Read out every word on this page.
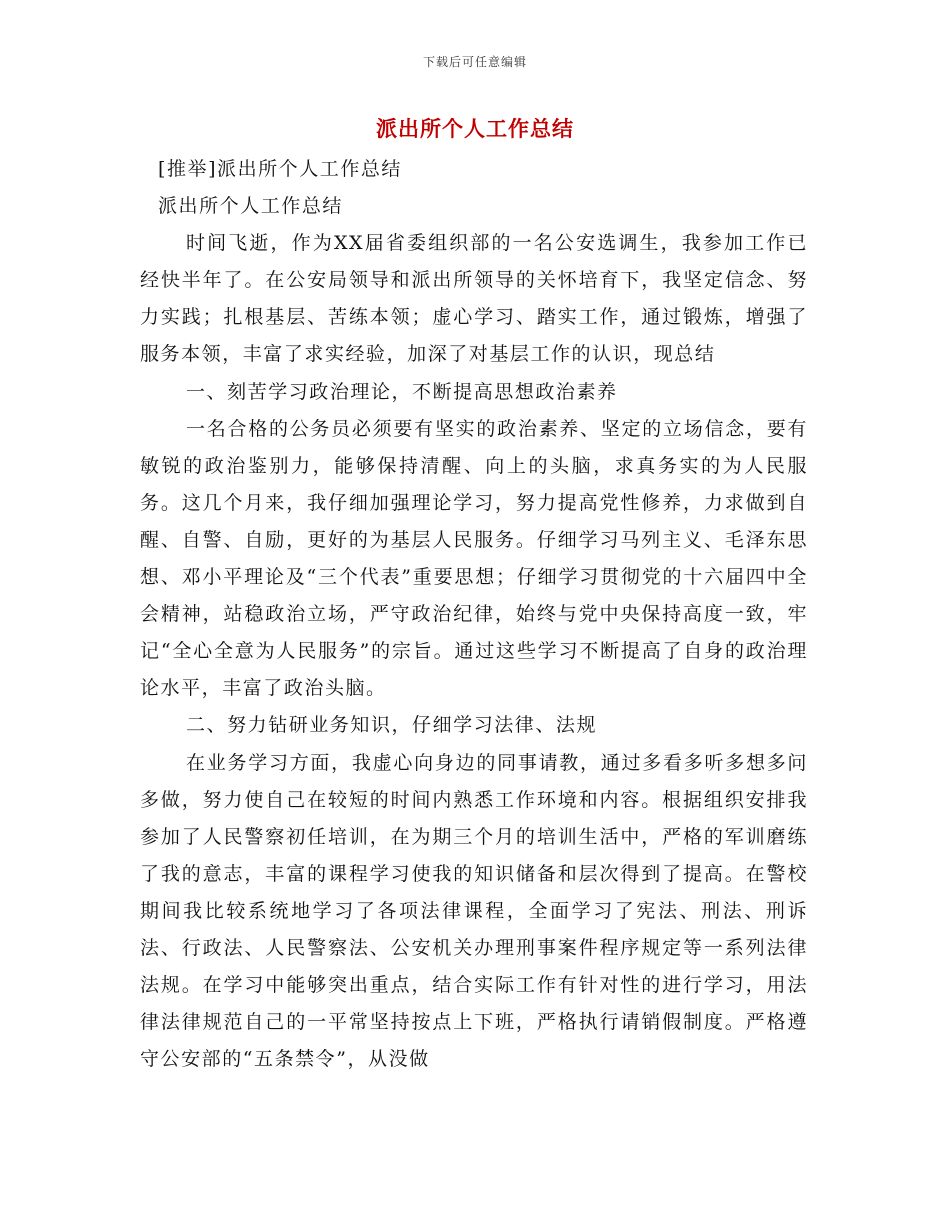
下载后可任意编辑
派出所个人工作总结

[推举]派出所个人工作总结

派出所个人工作总结

时间飞逝，作为XX届省委组织部的一名公安选调生，我参加工作已经快半年了。在公安局领导和派出所领导的关怀培育下，我坚定信念、努力实践；扎根基层、苦练本领；虚心学习、踏实工作，通过锻炼，增强了服务本领，丰富了求实经验，加深了对基层工作的认识，现总结

一、刻苦学习政治理论，不断提高思想政治素养

一名合格的公务员必须要有坚实的政治素养、坚定的立场信念，要有敏锐的政治鉴别力，能够保持清醒、向上的头脑，求真务实的为人民服务。这几个月来，我仔细加强理论学习，努力提高党性修养，力求做到自醒、自警、自励，更好的为基层人民服务。仔细学习马列主义、毛泽东思想、邓小平理论及“三个代表”重要思想；仔细学习贯彻党的十六届四中全会精神，站稳政治立场，严守政治纪律，始终与党中央保持高度一致，牢记“全心全意为人民服务”的宗旨。通过这些学习不断提高了自身的政治理论水平，丰富了政治头脑。

二、努力钻研业务知识，仔细学习法律、法规

在业务学习方面，我虚心向身边的同事请教，通过多看多听多想多问多做，努力使自己在较短的时间内熟悉工作环境和内容。根据组织安排我参加了人民警察初任培训，在为期三个月的培训生活中，严格的军训磨练了我的意志，丰富的课程学习使我的知识储备和层次得到了提高。在警校期间我比较系统地学习了各项法律课程，全面学习了宪法、刑法、刑诉法、行政法、人民警察法、公安机关办理刑事案件程序规定等一系列法律法规。在学习中能够突出重点，结合实际工作有针对性的进行学习，用法律法律规范自己的一平常坚持按点上下班，严格执行请销假制度。严格遵守公安部的“五条禁令”，从没做
